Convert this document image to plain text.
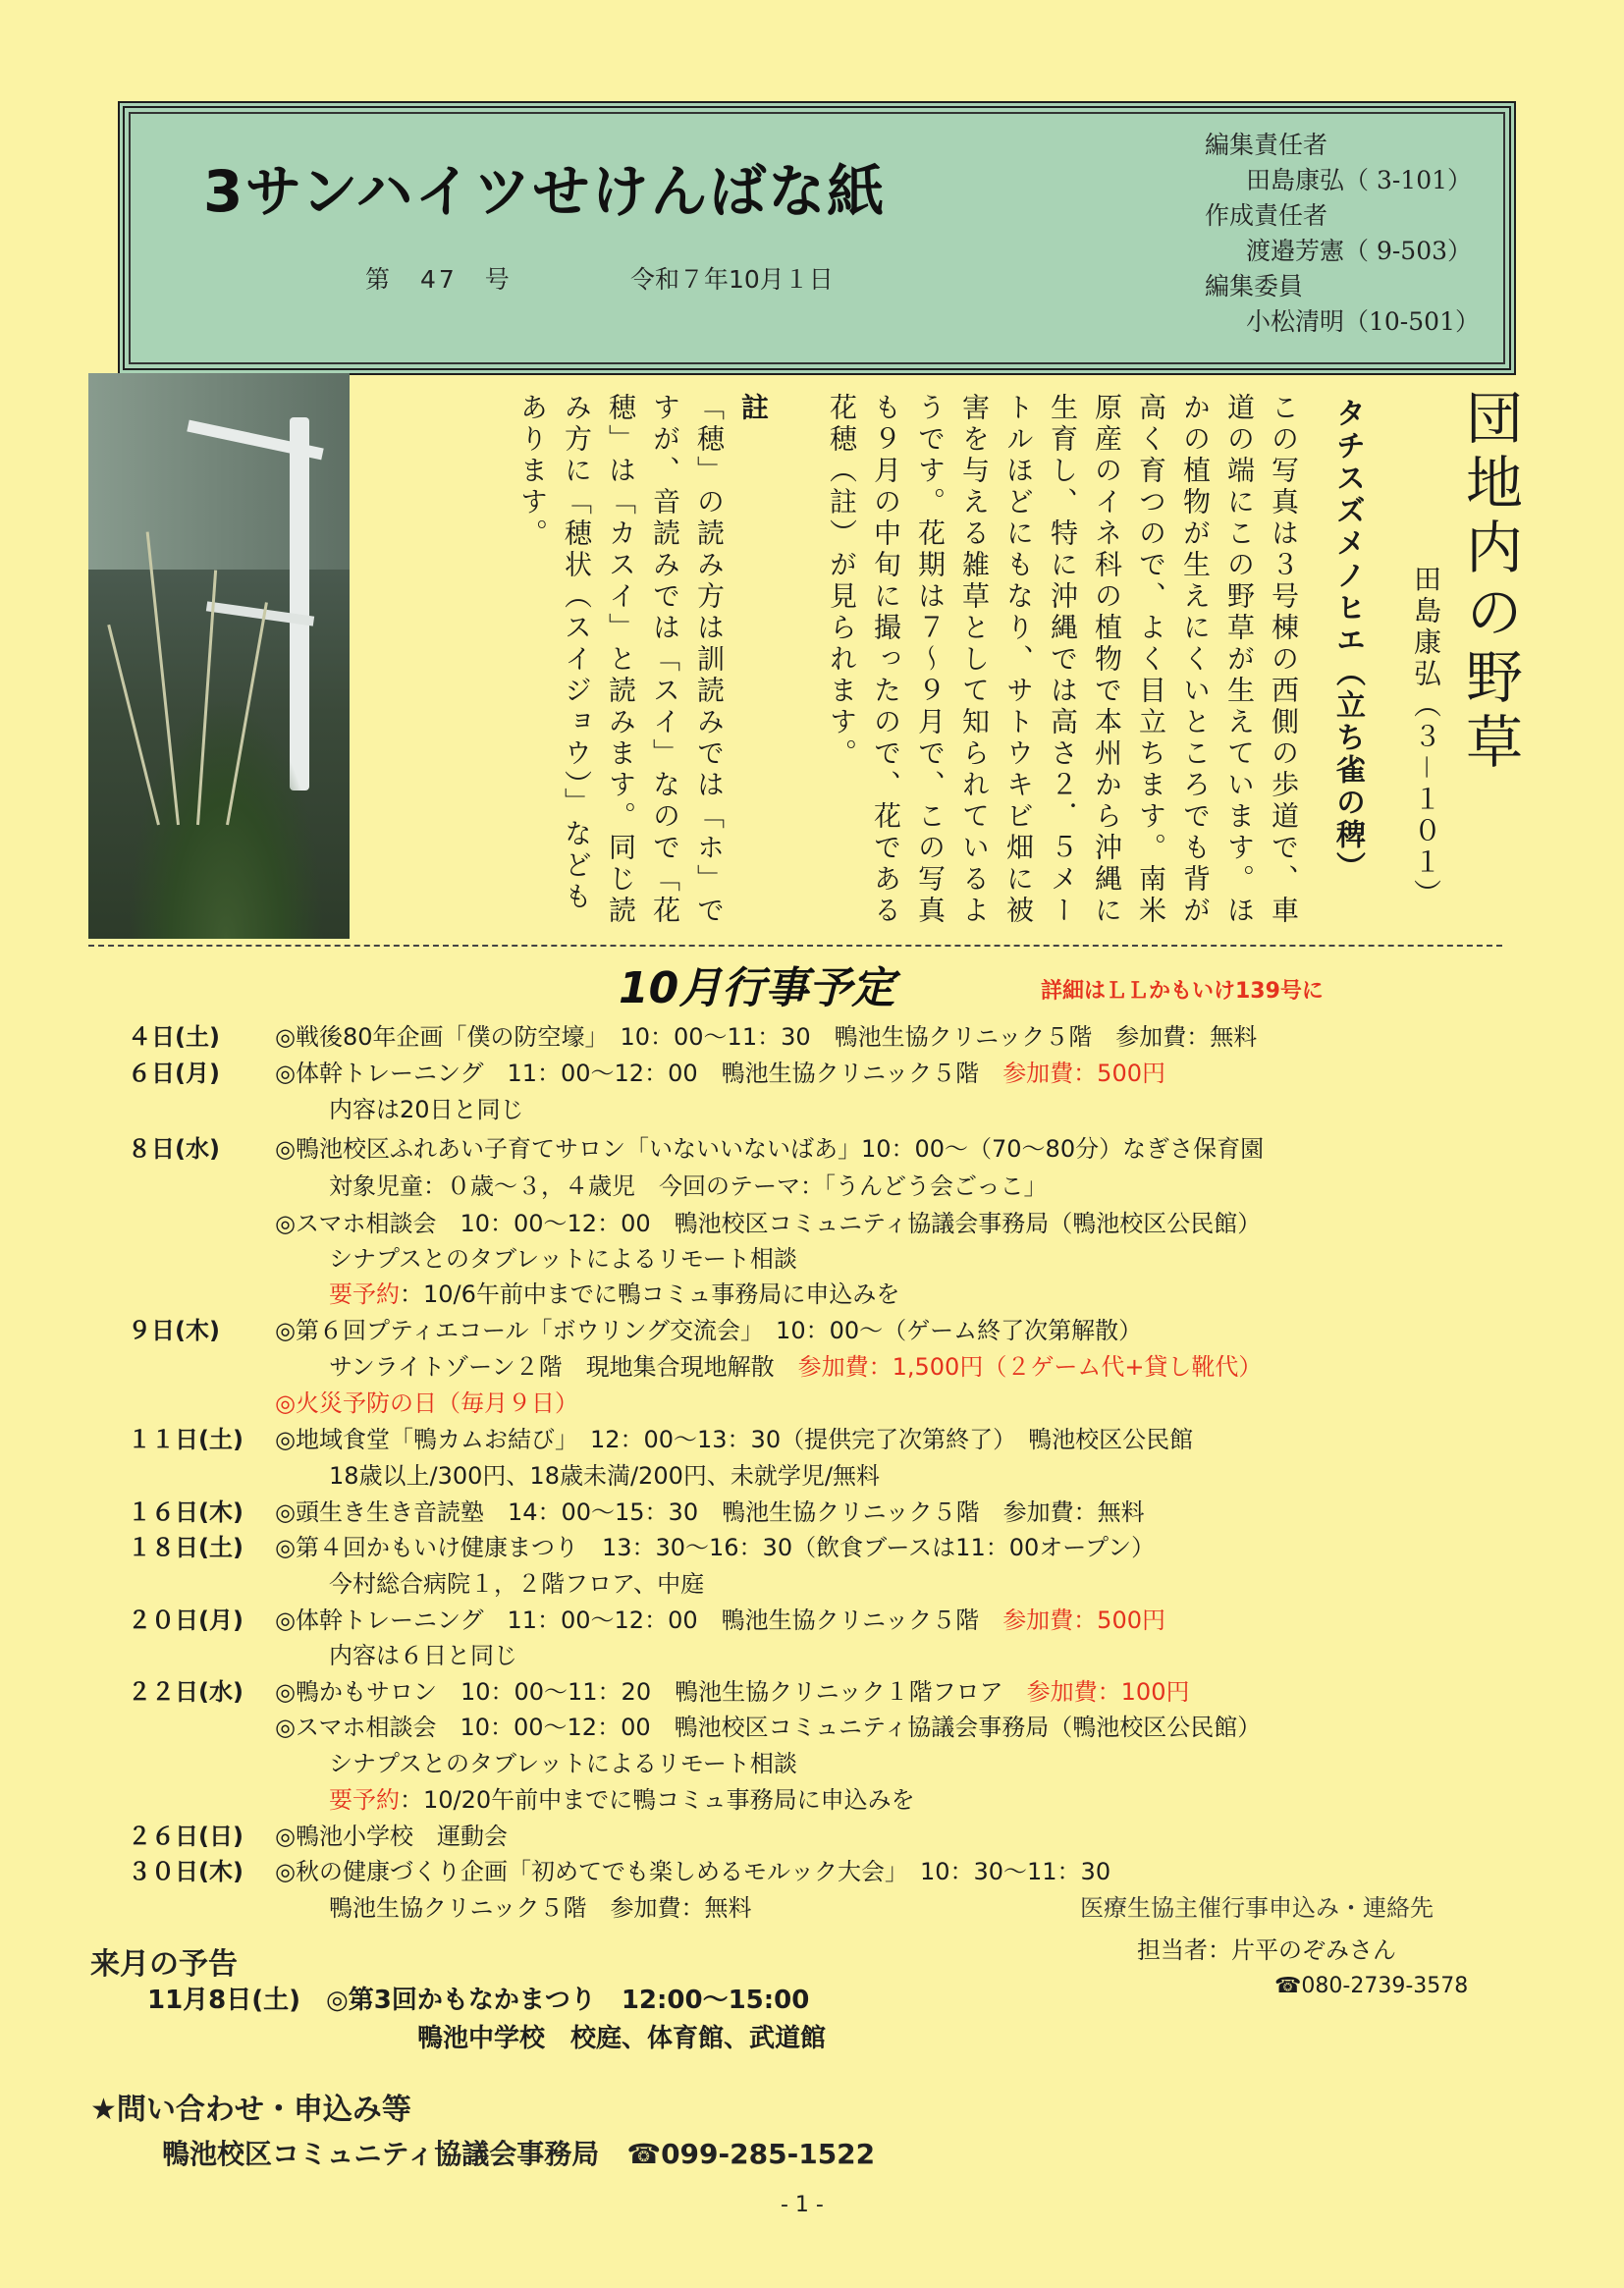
3サンハイツせけんばな紙
第　47　号	令和７年10月１日
編集責任者
田島康弘（ 3-101）
作成責任者
渡邉芳憲（ 9-503）
編集委員
小松清明（10-501）
団地内の野草
田島康弘（３－１０１）
タチスズメノヒエ（立ち雀の稗）

この写真は３号棟の西側の歩道で、車道の端にこの野草が生えています。ほかの植物が生えにくいところでも背が高く育つので、よく目立ちます。南米原産のイネ科の植物で本州から沖縄に生育し、特に沖縄では高さ２．５メートルほどにもなり、サトウキビ畑に被害を与える雑草として知られているようです。花期は７～９月で、この写真も９月の中旬に撮ったので、花である花穂（註）が見られます。

註

「穂」の読み方は訓読みでは「ホ」ですが、音読みでは「スイ」なので「花穂」は「カスイ」と読みます。同じ読み方に「穂状（スイジョウ）」などもあります。

10月行事予定	詳細はＬＬかもいけ139号に
４日(土) ◎戦後80年企画「僕の防空壕」　10：00～11：30　鴨池生協クリニック５階　参加費：無料
６日(月) ◎体幹トレーニング　11：00～12：00　鴨池生協クリニック５階 参加費：500円
内容は20日と同じ
８日(水) ◎鴨池校区ふれあい子育てサロン「いないいないばあ」10：00～（70～80分）なぎさ保育園
対象児童：０歳～３，４歳児　今回のテーマ：「うんどう会ごっこ」
◎スマホ相談会　10：00～12：00　鴨池校区コミュニティ協議会事務局（鴨池校区公民館）
シナプスとのタブレットによるリモート相談
要予約：10/6午前中までに鴨コミュ事務局に申込みを
９日(木) ◎第６回プティエコール「ボウリング交流会」　10：00～（ゲーム終了次第解散）
サンライトゾーン２階　現地集合現地解散 参加費：1,500円（２ゲーム代+貸し靴代）
◎火災予防の日（毎月９日）
１１日(土) ◎地域食堂「鴨カムお結び」　12：00～13：30（提供完了次第終了）　鴨池校区公民館
18歳以上/300円、18歳未満/200円、未就学児/無料
１６日(木) ◎頭生き生き音読塾　14：00～15：30　鴨池生協クリニック５階　参加費：無料
１８日(土) ◎第４回かもいけ健康まつり　13：30～16：30（飲食ブースは11：00オープン）
今村総合病院１，２階フロア、中庭
２０日(月) ◎体幹トレーニング　11：00～12：00　鴨池生協クリニック５階 参加費：500円
内容は６日と同じ
２２日(水) ◎鴨かもサロン　10：00～11：20　鴨池生協クリニック１階フロア 参加費：100円
◎スマホ相談会　10：00～12：00　鴨池校区コミュニティ協議会事務局（鴨池校区公民館）
シナプスとのタブレットによるリモート相談
要予約：10/20午前中までに鴨コミュ事務局に申込みを
２６日(日) ◎鴨池小学校　運動会
３０日(木) ◎秋の健康づくり企画「初めてでも楽しめるモルック大会」　10：30～11：30
鴨池生協クリニック５階　参加費：無料	医療生協主催行事申込み・連絡先
担当者：片平のぞみさん
☎080-2739-3578
来月の予告
11月8日(土)　◎第3回かもなかまつり　12:00～15:00
鴨池中学校　校庭、体育館、武道館
★問い合わせ・申込み等
鴨池校区コミュニティ協議会事務局　☎099-285-1522
- 1 -
